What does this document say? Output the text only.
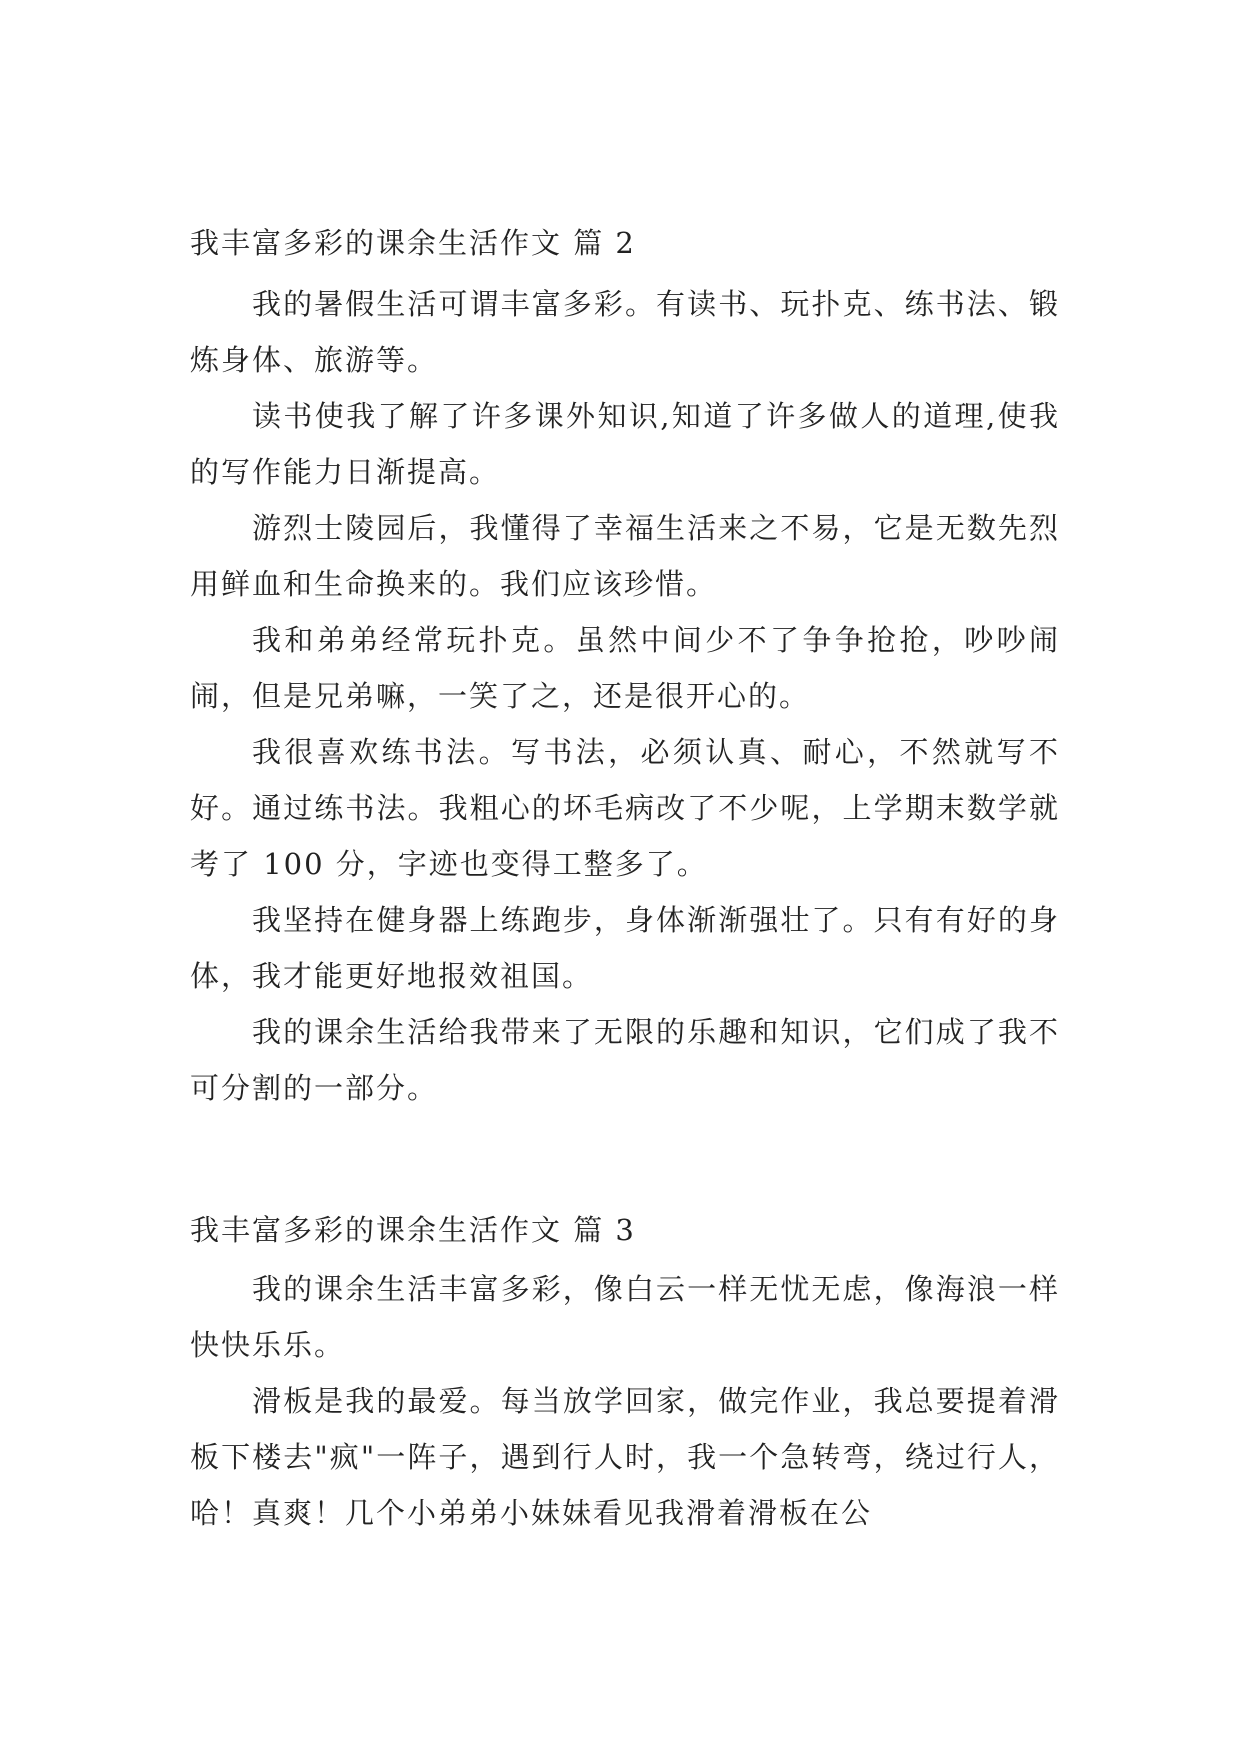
我丰富多彩的课余生活作文 篇 2

我的暑假生活可谓丰富多彩。有读书、玩扑克、练书法、锻炼身体、旅游等。

读书使我了解了许多课外知识,知道了许多做人的道理,使我的写作能力日渐提高。

游烈士陵园后，我懂得了幸福生活来之不易，它是无数先烈用鲜血和生命换来的。我们应该珍惜。

我和弟弟经常玩扑克。虽然中间少不了争争抢抢，吵吵闹闹，但是兄弟嘛，一笑了之，还是很开心的。

我很喜欢练书法。写书法，必须认真、耐心，不然就写不好。通过练书法。我粗心的坏毛病改了不少呢，上学期末数学就考了 100 分，字迹也变得工整多了。

我坚持在健身器上练跑步，身体渐渐强壮了。只有有好的身体，我才能更好地报效祖国。

我的课余生活给我带来了无限的乐趣和知识，它们成了我不可分割的一部分。

我丰富多彩的课余生活作文 篇 3

我的课余生活丰富多彩，像白云一样无忧无虑，像海浪一样快快乐乐。

滑板是我的最爱。每当放学回家，做完作业，我总要提着滑板下楼去"疯"一阵子，遇到行人时，我一个急转弯，绕过行人，哈！真爽！几个小弟弟小妹妹看见我滑着滑板在公
